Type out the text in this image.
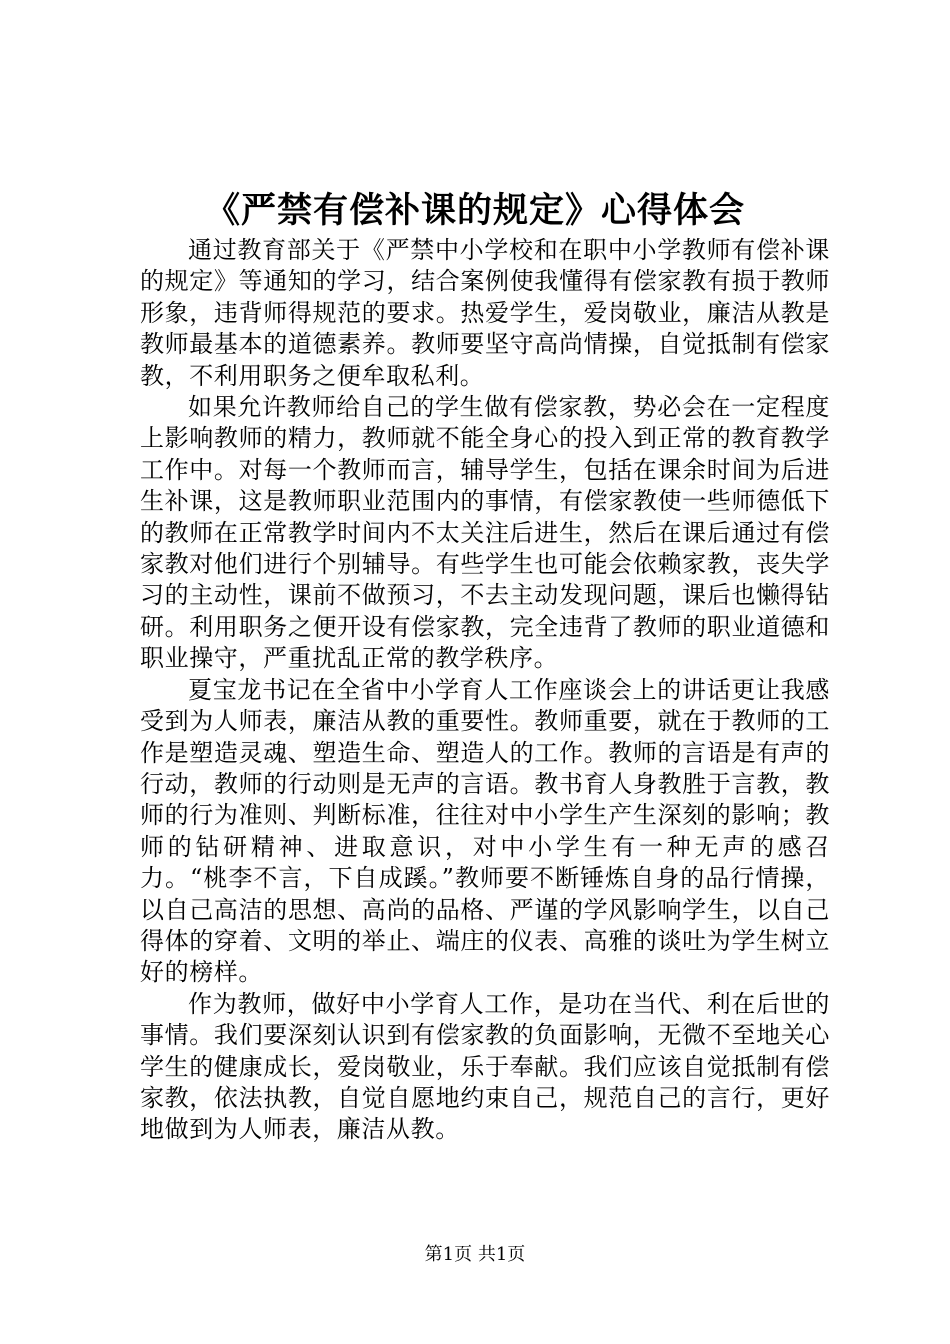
《严禁有偿补课的规定》心得体会

通过教育部关于《严禁中小学校和在职中小学教师有偿补课的规定》等通知的学习，结合案例使我懂得有偿家教有损于教师形象，违背师得规范的要求。热爱学生，爱岗敬业，廉洁从教是教师最基本的道德素养。教师要坚守高尚情操，自觉抵制有偿家教，不利用职务之便牟取私利。

如果允许教师给自己的学生做有偿家教，势必会在一定程度上影响教师的精力，教师就不能全身心的投入到正常的教育教学工作中。对每一个教师而言，辅导学生，包括在课余时间为后进生补课，这是教师职业范围内的事情，有偿家教使一些师德低下的教师在正常教学时间内不太关注后进生，然后在课后通过有偿家教对他们进行个别辅导。有些学生也可能会依赖家教，丧失学习的主动性，课前不做预习，不去主动发现问题，课后也懒得钻研。利用职务之便开设有偿家教，完全违背了教师的职业道德和职业操守，严重扰乱正常的教学秩序。

夏宝龙书记在全省中小学育人工作座谈会上的讲话更让我感受到为人师表，廉洁从教的重要性。教师重要，就在于教师的工作是塑造灵魂、塑造生命、塑造人的工作。教师的言语是有声的行动，教师的行动则是无声的言语。教书育人身教胜于言教，教师的行为准则、判断标准，往往对中小学生产生深刻的影响；教师的钻研精神、进取意识，对中小学生有一种无声的感召力。“桃李不言，下自成蹊。”教师要不断锤炼自身的品行情操，以自己高洁的思想、高尚的品格、严谨的学风影响学生，以自己得体的穿着、文明的举止、端庄的仪表、高雅的谈吐为学生树立好的榜样。

作为教师，做好中小学育人工作，是功在当代、利在后世的事情。我们要深刻认识到有偿家教的负面影响，无微不至地关心学生的健康成长，爱岗敬业，乐于奉献。我们应该自觉抵制有偿家教，依法执教，自觉自愿地约束自己，规范自己的言行，更好地做到为人师表，廉洁从教。

第1页 共1页
